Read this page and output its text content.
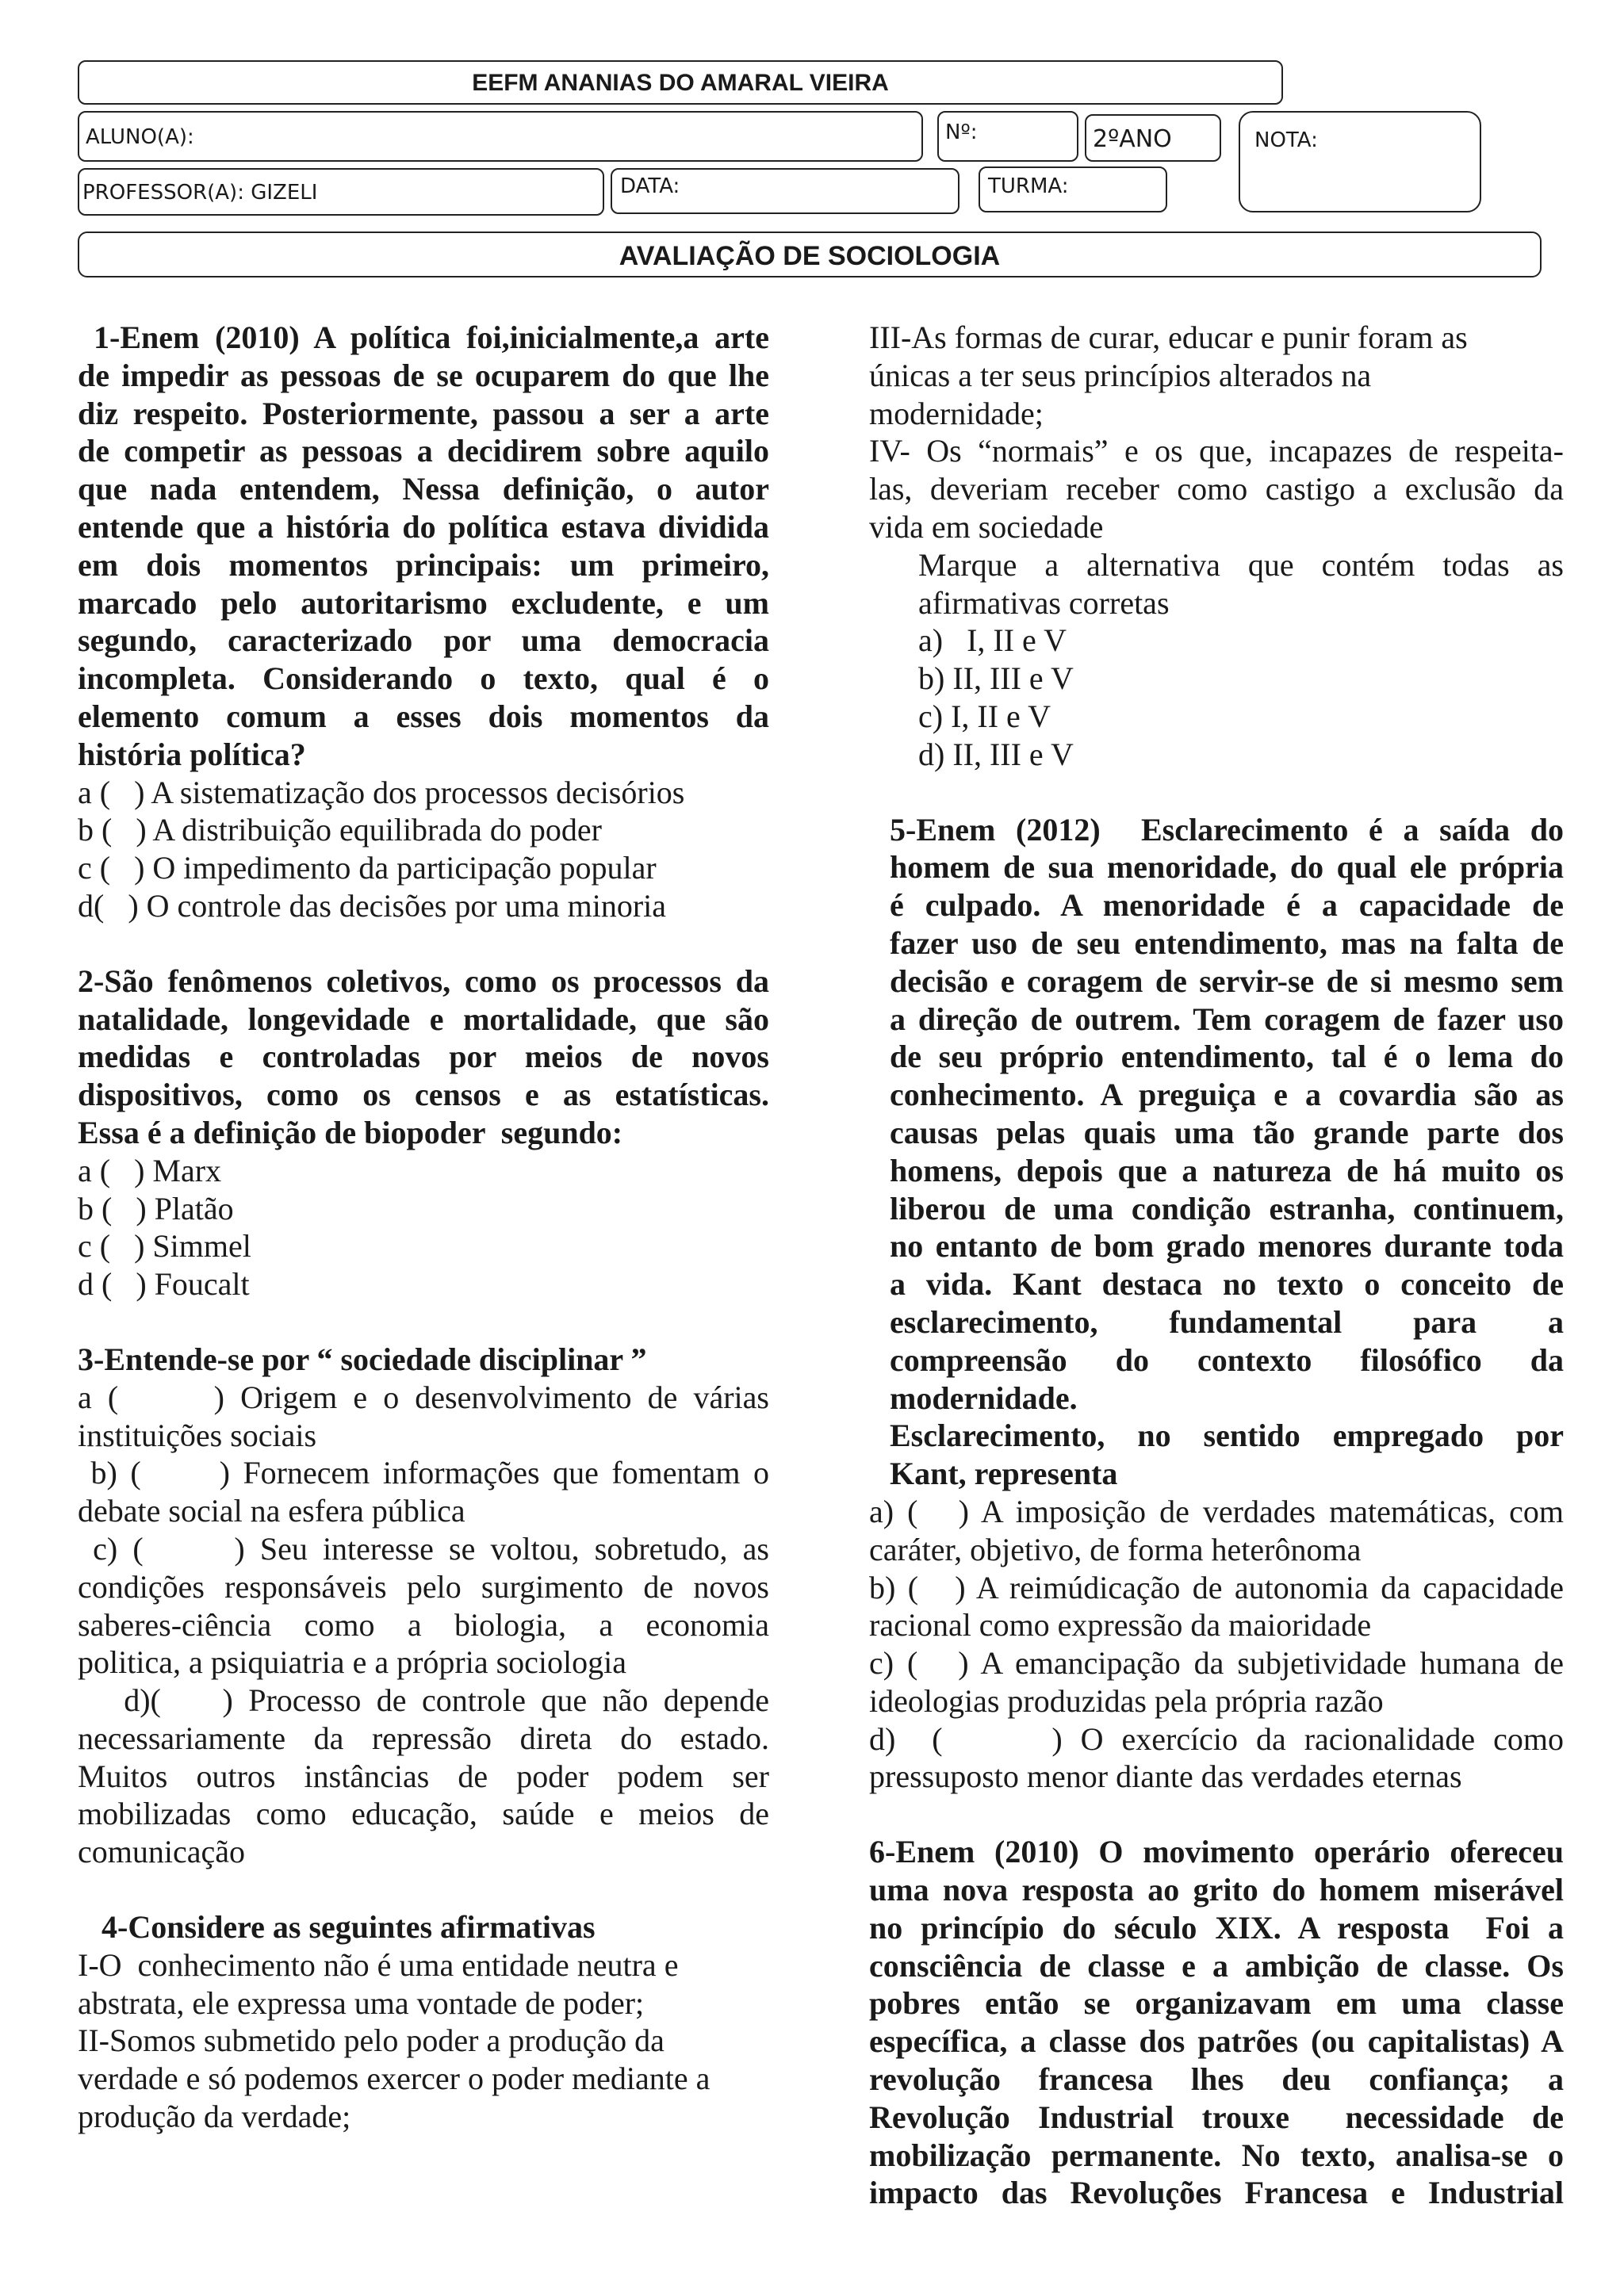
EEFM ANANIAS DO AMARAL VIEIRA
ALUNO(A):	Nº:	2ºANO	NOTA:
PROFESSOR(A): GIZELI	DATA:	TURMA:
AVALIAÇÃO DE SOCIOLOGIA
1-Enem (2010) A política foi,inicialmente,a arte
de impedir as pessoas de se ocuparem do que lhe
diz respeito. Posteriormente, passou a ser a arte
de competir as pessoas a decidirem sobre aquilo
que nada entendem, Nessa definição, o autor
entende que a história do política estava dividida
em dois momentos principais: um primeiro,
marcado pelo autoritarismo excludente, e um
segundo, caracterizado por uma democracia
incompleta. Considerando o texto, qual é o
elemento comum a esses dois momentos da
história política?
a (   ) A sistematização dos processos decisórios
b (   ) A distribuição equilibrada do poder
c (   ) O impedimento da participação popular
d(   ) O controle das decisões por uma minoria
2-São fenômenos coletivos, como os processos da
natalidade, longevidade e mortalidade, que são
medidas e controladas por meios de novos
dispositivos, como os censos e as estatísticas.
Essa é a definição de biopoder  segundo:
a (   ) Marx
b (   ) Platão
c (   ) Simmel
d (   ) Foucalt
3-Entende-se por “ sociedade disciplinar ”
a (      ) Origem e o desenvolvimento de várias
instituições sociais
b) (      ) Fornecem informações que fomentam o
debate social na esfera pública
c) (      ) Seu interesse se voltou, sobretudo, as
condições responsáveis pelo surgimento de novos
saberes-ciência como a biologia, a economia
politica, a psiquiatria e a própria sociologia
d)(    ) Processo de controle que não depende
necessariamente da repressão direta do estado.
Muitos outros instâncias de poder podem ser
mobilizadas como educação, saúde e meios de
comunicação
4-Considere as seguintes afirmativas
I-O  conhecimento não é uma entidade neutra e
abstrata, ele expressa uma vontade de poder;
II-Somos submetido pelo poder a produção da
verdade e só podemos exercer o poder mediante a
produção da verdade;
III-As formas de curar, educar e punir foram as
únicas a ter seus princípios alterados na
modernidade;
IV- Os “normais” e os que, incapazes de respeita-
las, deveriam receber como castigo a exclusão da
vida em sociedade
Marque a alternativa que contém todas as
afirmativas corretas
a)   I, II e V
b) II, III e V
c) I, II e V
d) II, III e V
5-Enem (2012)  Esclarecimento é a saída do
homem de sua menoridade, do qual ele própria
é culpado. A menoridade é a capacidade de
fazer uso de seu entendimento, mas na falta de
decisão e coragem de servir-se de si mesmo sem
a direção de outrem. Tem coragem de fazer uso
de seu próprio entendimento, tal é o lema do
conhecimento. A preguiça e a covardia são as
causas pelas quais uma tão grande parte dos
homens, depois que a natureza de há muito os
liberou de uma condição estranha, continuem,
no entanto de bom grado menores durante toda
a vida. Kant destaca no texto o conceito de
esclarecimento, fundamental para a
compreensão do contexto filosófico da
modernidade.
Esclarecimento, no sentido empregado por
Kant, representa
a) (   ) A imposição de verdades matemáticas, com
caráter, objetivo, de forma heterônoma
b) (   ) A reimúdicação de autonomia da capacidade
racional como expressão da maioridade
c) (   ) A emancipação da subjetividade humana de
ideologias produzidas pela própria razão
d)  (      ) O exercício da racionalidade como
pressuposto menor diante das verdades eternas
6-Enem (2010) O movimento operário ofereceu
uma nova resposta ao grito do homem miserável
no princípio do século XIX. A resposta  Foi a
consciência de classe e a ambição de classe. Os
pobres então se organizavam em uma classe
específica, a classe dos patrões (ou capitalistas) A
revolução francesa lhes deu confiança; a
Revolução Industrial trouxe  necessidade de
mobilização permanente. No texto, analisa-se o
impacto das Revoluções Francesa e Industrial
